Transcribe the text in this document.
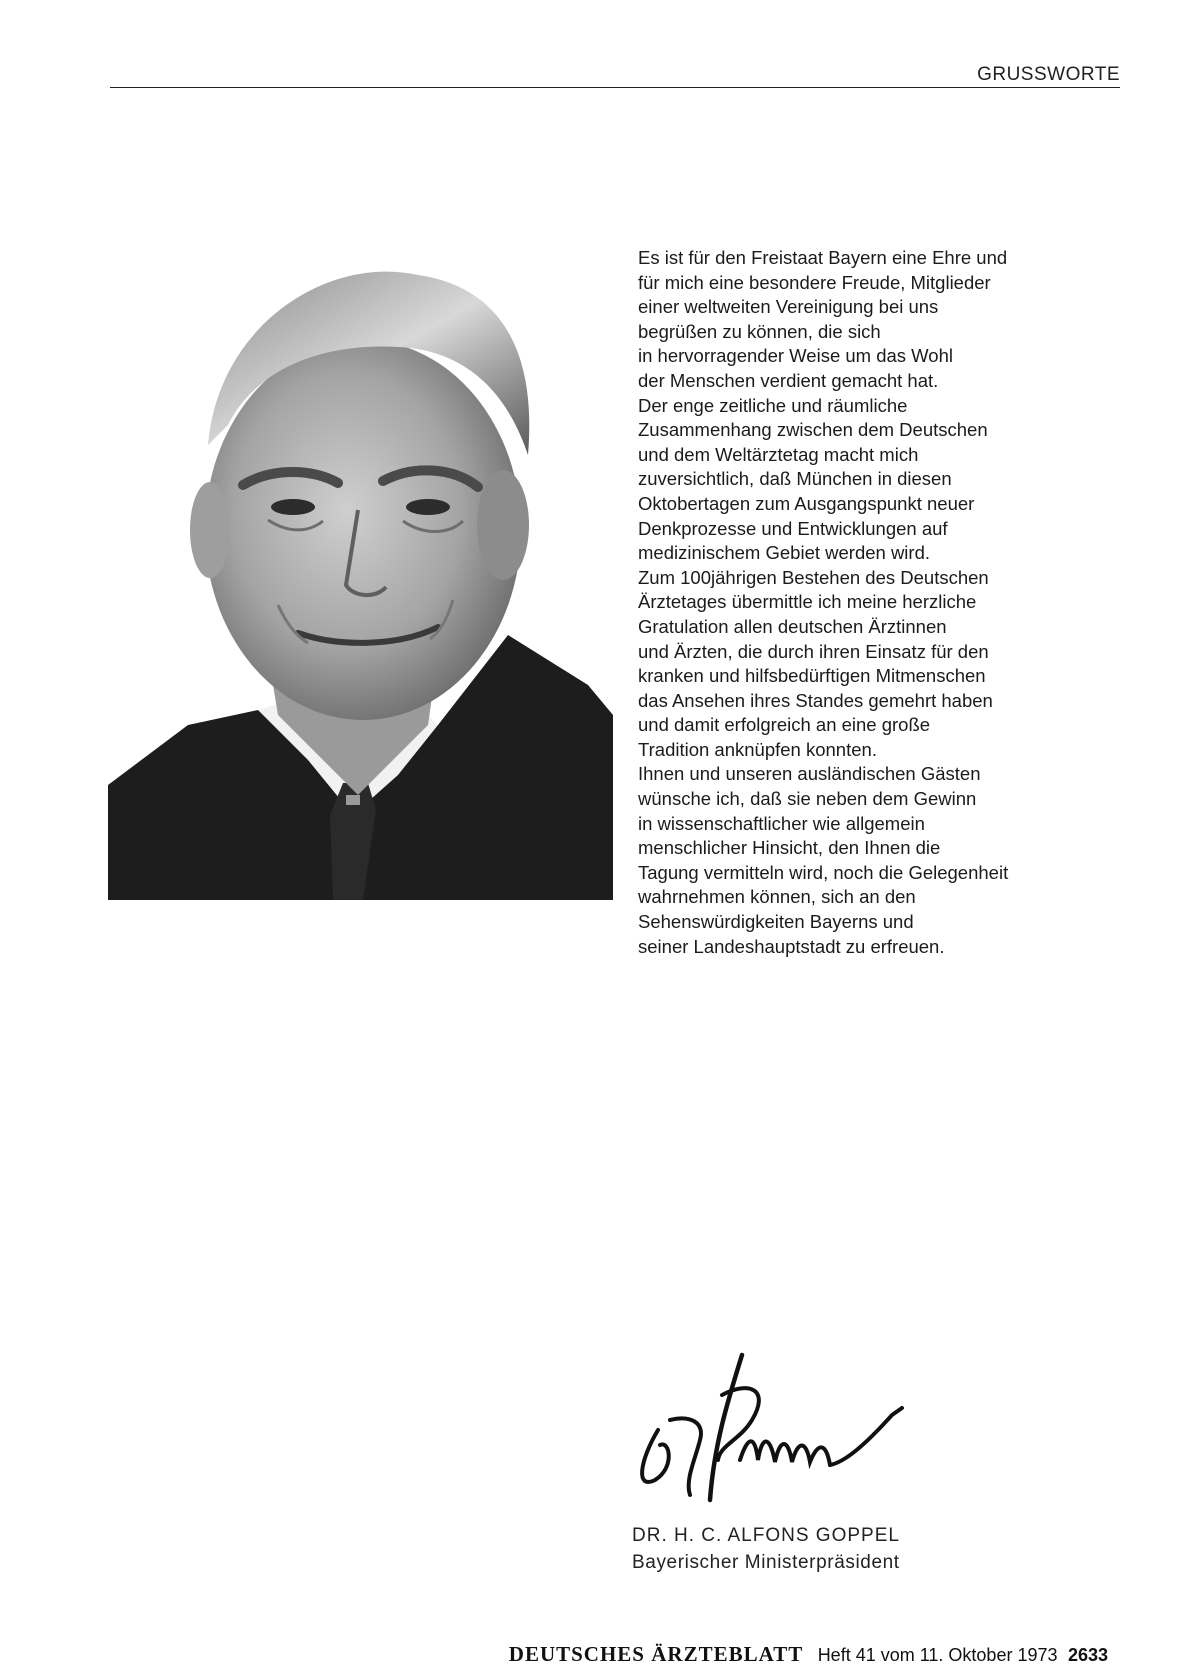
GRUSSWORTE
Es ist für den Freistaat Bayern eine Ehre und
für mich eine besondere Freude, Mitglieder
einer weltweiten Vereinigung bei uns
begrüßen zu können, die sich
in hervorragender Weise um das Wohl
der Menschen verdient gemacht hat.
Der enge zeitliche und räumliche
Zusammenhang zwischen dem Deutschen
und dem Weltärztetag macht mich
zuversichtlich, daß München in diesen
Oktobertagen zum Ausgangspunkt neuer
Denkprozesse und Entwicklungen auf
medizinischem Gebiet werden wird.
Zum 100jährigen Bestehen des Deutschen
Ärztetages übermittle ich meine herzliche
Gratulation allen deutschen Ärztinnen
und Ärzten, die durch ihren Einsatz für den
kranken und hilfsbedürftigen Mitmenschen
das Ansehen ihres Standes gemehrt haben
und damit erfolgreich an eine große
Tradition anknüpfen konnten.
Ihnen und unseren ausländischen Gästen
wünsche ich, daß sie neben dem Gewinn
in wissenschaftlicher wie allgemein
menschlicher Hinsicht, den Ihnen die
Tagung vermitteln wird, noch die Gelegenheit
wahrnehmen können, sich an den
Sehenswürdigkeiten Bayerns und
seiner Landeshauptstadt zu erfreuen.
DR. H. C. ALFONS GOPPEL
Bayerischer Ministerpräsident
DEUTSCHES ÄRZTEBLATT Heft 41 vom 11. Oktober 1973 2633
